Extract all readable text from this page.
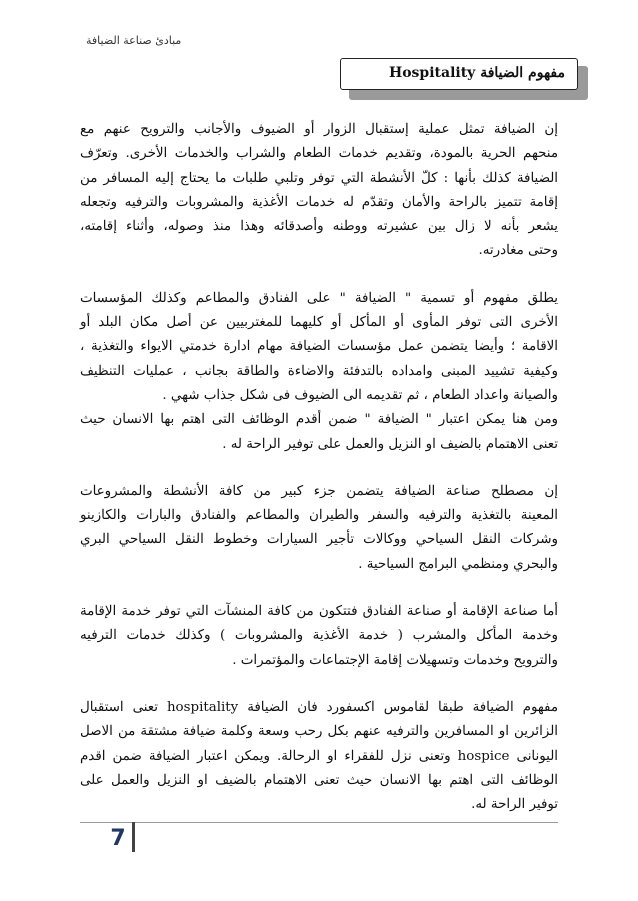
مبادئ صناعة الضيافة
مفهوم الضيافة Hospitality
إن الضيافة تمثل عملية إستقبال الزوار أو الضيوف والأجانب والترويح عنهم مع
منحهم الحرية بالمودة، وتقديم خدمات الطعام والشراب والخدمات الأخرى. وتعرّف
الضيافة كذلك بأنها : كلّ الأنشطة التي توفر وتلبي طلبات ما يحتاج إليه المسافر من
إقامة تتميز بالراحة والأمان وتقدّم له خدمات الأغذية والمشروبات والترفيه وتجعله
يشعر بأنه لا زال بين عشيرته ووطنه وأصدقائه وهذا منذ وصوله، وأثناء إقامته،
وحتى مغادرته.
يطلق مفهوم أو تسمية " الضيافة " على الفنادق والمطاعم وكذلك المؤسسات
الأخرى التى توفر المأوى أو المأكل أو كليهما للمغتربيين عن أصل مكان البلد أو
الاقامة ؛ وأيضا يتضمن عمل مؤسسات الضيافة مهام ادارة خدمتي الايواء والتغذية ،
وكيفية تشييد المبنى وامداده بالتدفئة والاضاءة والطاقة بجانب ، عمليات التنظيف
والصيانة واعداد الطعام ، ثم تقديمه الى الضيوف فى شكل جذاب شهي .
ومن هنا يمكن اعتبار " الضيافة " ضمن أقدم الوظائف التى اهتم بها الانسان حيث
تعنى الاهتمام بالضيف او النزيل والعمل على توفير الراحة له .
إن مصطلح صناعة الضيافة يتضمن جزء كبير من كافة الأنشطة والمشروعات
المعينة بالتغذية والترفيه والسفر والطيران والمطاعم والفنادق والبارات والكازينو
وشركات النقل السياحي ووكالات تأجير السيارات وخطوط النقل السياحي البري
والبحري ومنظمي البرامج السياحية .
أما صناعة الإقامة أو صناعة الفنادق فتتكون من كافة المنشآت التي توفر خدمة الإقامة
وخدمة المأكل والمشرب ( خدمة الأغذية والمشروبات ) وكذلك خدمات الترفيه
والترويح وخدمات وتسهيلات إقامة الإجتماعات والمؤتمرات .
مفهوم الضيافة طبقا لقاموس اكسفورد فان الضيافة hospitality تعنى استقبال
الزائرين او المسافرين والترفيه عنهم بكل رحب وسعة وكلمة ضيافة مشتقة من الاصل
اليونانى hospice وتعنى نزل للفقراء او الرحالة. ويمكن اعتبار الضيافة ضمن اقدم
الوظائف التى اهتم بها الانسان حيث تعنى الاهتمام بالضيف او النزيل والعمل على
توفير الراحة له.
7
